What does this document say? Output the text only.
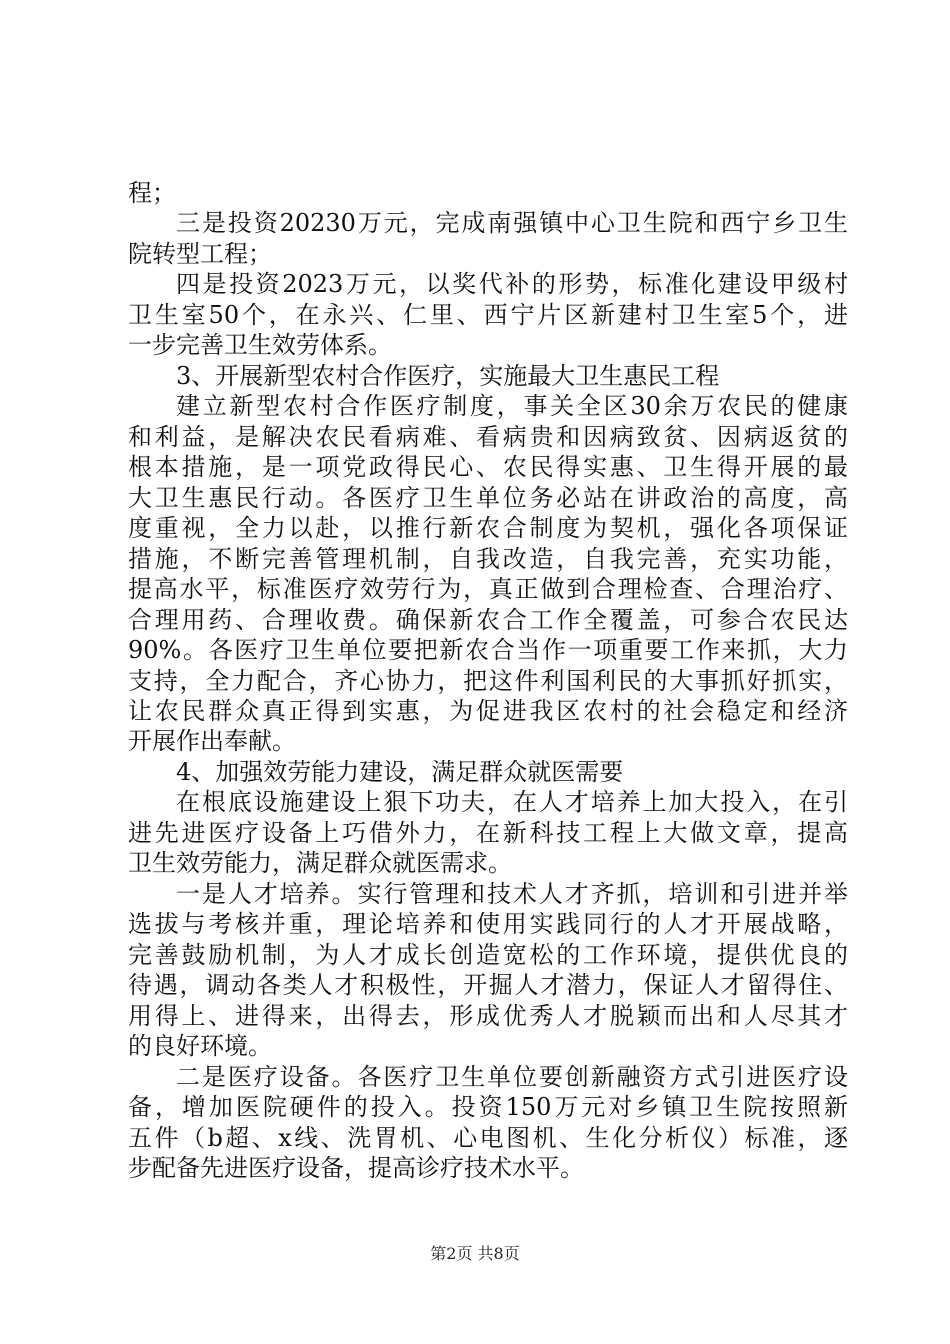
程；
三是投资20230万元，完成南强镇中心卫生院和西宁乡卫生
院转型工程；
四是投资2023万元，以奖代补的形势，标准化建设甲级村
卫生室50个，在永兴、仁里、西宁片区新建村卫生室5个，进
一步完善卫生效劳体系。
3、开展新型农村合作医疗，实施最大卫生惠民工程
建立新型农村合作医疗制度，事关全区30余万农民的健康
和利益，是解决农民看病难、看病贵和因病致贫、因病返贫的
根本措施，是一项党政得民心、农民得实惠、卫生得开展的最
大卫生惠民行动。各医疗卫生单位务必站在讲政治的高度，高
度重视，全力以赴，以推行新农合制度为契机，强化各项保证
措施，不断完善管理机制，自我改造，自我完善，充实功能，
提高水平，标准医疗效劳行为，真正做到合理检查、合理治疗、
合理用药、合理收费。确保新农合工作全覆盖，可参合农民达
90%。各医疗卫生单位要把新农合当作一项重要工作来抓，大力
支持，全力配合，齐心协力，把这件利国利民的大事抓好抓实，
让农民群众真正得到实惠，为促进我区农村的社会稳定和经济
开展作出奉献。
4、加强效劳能力建设，满足群众就医需要
在根底设施建设上狠下功夫，在人才培养上加大投入，在引
进先进医疗设备上巧借外力，在新科技工程上大做文章，提高
卫生效劳能力，满足群众就医需求。
一是人才培养。实行管理和技术人才齐抓，培训和引进并举
选拔与考核并重，理论培养和使用实践同行的人才开展战略，
完善鼓励机制，为人才成长创造宽松的工作环境，提供优良的
待遇，调动各类人才积极性，开掘人才潜力，保证人才留得住、
用得上、进得来，出得去，形成优秀人才脱颖而出和人尽其才
的良好环境。
二是医疗设备。各医疗卫生单位要创新融资方式引进医疗设
备，增加医院硬件的投入。投资150万元对乡镇卫生院按照新
五件（b超、x线、洗胃机、心电图机、生化分析仪）标准，逐
步配备先进医疗设备，提高诊疗技术水平。
第2页 共8页
